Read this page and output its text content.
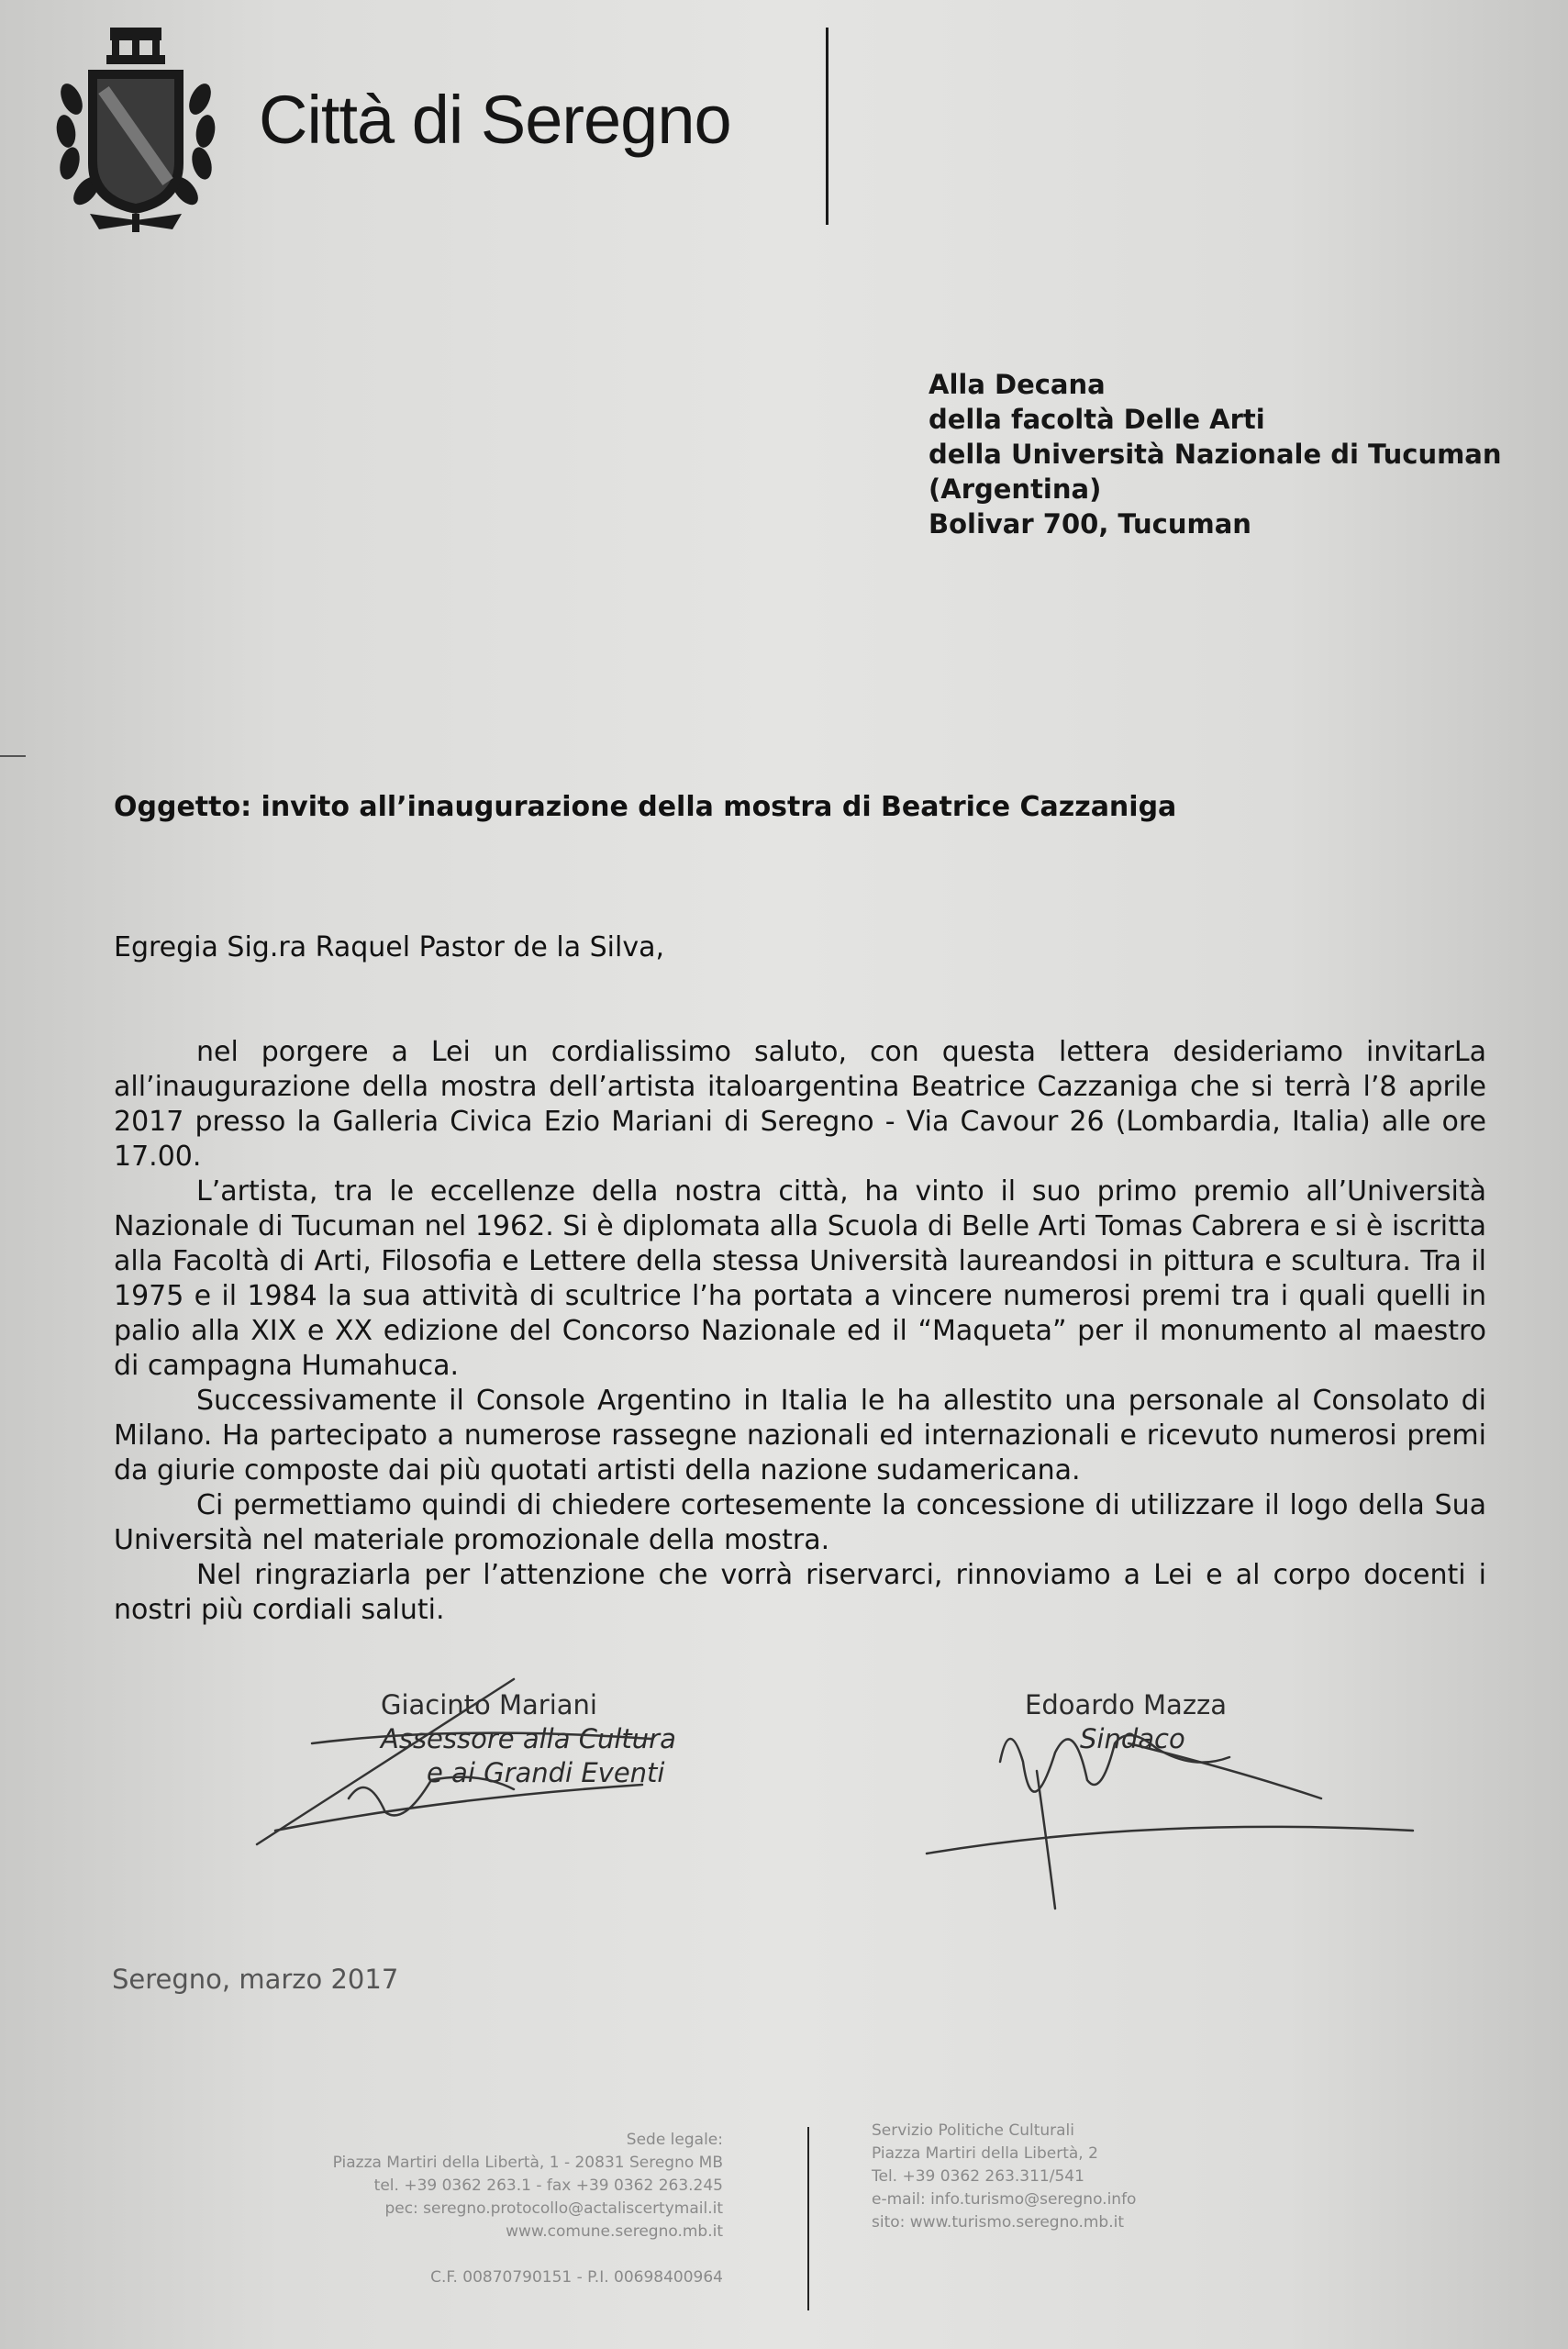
Città di Seregno
Alla Decana
della facoltà Delle Arti
della Università Nazionale di Tucuman
(Argentina)
Bolivar 700, Tucuman
Oggetto: invito all’inaugurazione della mostra di Beatrice Cazzaniga
Egregia Sig.ra Raquel Pastor de la Silva,

nel porgere a Lei un cordialissimo saluto, con questa lettera desideriamo invitarLa all’inaugurazione della mostra dell’artista italoargentina Beatrice Cazzaniga che si terrà l’8 aprile 2017 presso la Galleria Civica Ezio Mariani di Seregno - Via Cavour 26 (Lombardia, Italia) alle ore 17.00.

L’artista, tra le eccellenze della nostra città, ha vinto il suo primo premio all’Università Nazionale di Tucuman nel 1962. Si è diplomata alla Scuola di Belle Arti Tomas Cabrera e si è iscritta alla Facoltà di Arti, Filosofia e Lettere della stessa Università laureandosi in pittura e scultura. Tra il 1975 e il 1984 la sua attività di scultrice l’ha portata a vincere numerosi premi tra i quali quelli in palio alla XIX e XX edizione del Concorso Nazionale ed il “Maqueta” per il monumento al maestro di campagna Humahuca.

Successivamente il Console Argentino in Italia le ha allestito una personale al Consolato di Milano. Ha partecipato a numerose rassegne nazionali ed internazionali e ricevuto numerosi premi da giurie composte dai più quotati artisti della nazione sudamericana.

Ci permettiamo quindi di chiedere cortesemente la concessione di utilizzare il logo della Sua Università nel materiale promozionale della mostra.

Nel ringraziarla per l’attenzione che vorrà riservarci, rinnoviamo a Lei e al corpo docenti i nostri più cordiali saluti.

Giacinto Mariani
Assessore alla Cultura
e ai Grandi Eventi
Edoardo Mazza
Sindaco
Seregno, marzo 2017
Sede legale:
Piazza Martiri della Libertà, 1 - 20831 Seregno MB
tel. +39 0362 263.1 - fax +39 0362 263.245
pec: seregno.protocollo@actaliscertymail.it
www.comune.seregno.mb.it

C.F. 00870790151 - P.I. 00698400964
Servizio Politiche Culturali
Piazza Martiri della Libertà, 2
Tel. +39 0362 263.311/541
e-mail: info.turismo@seregno.info
sito: www.turismo.seregno.mb.it
